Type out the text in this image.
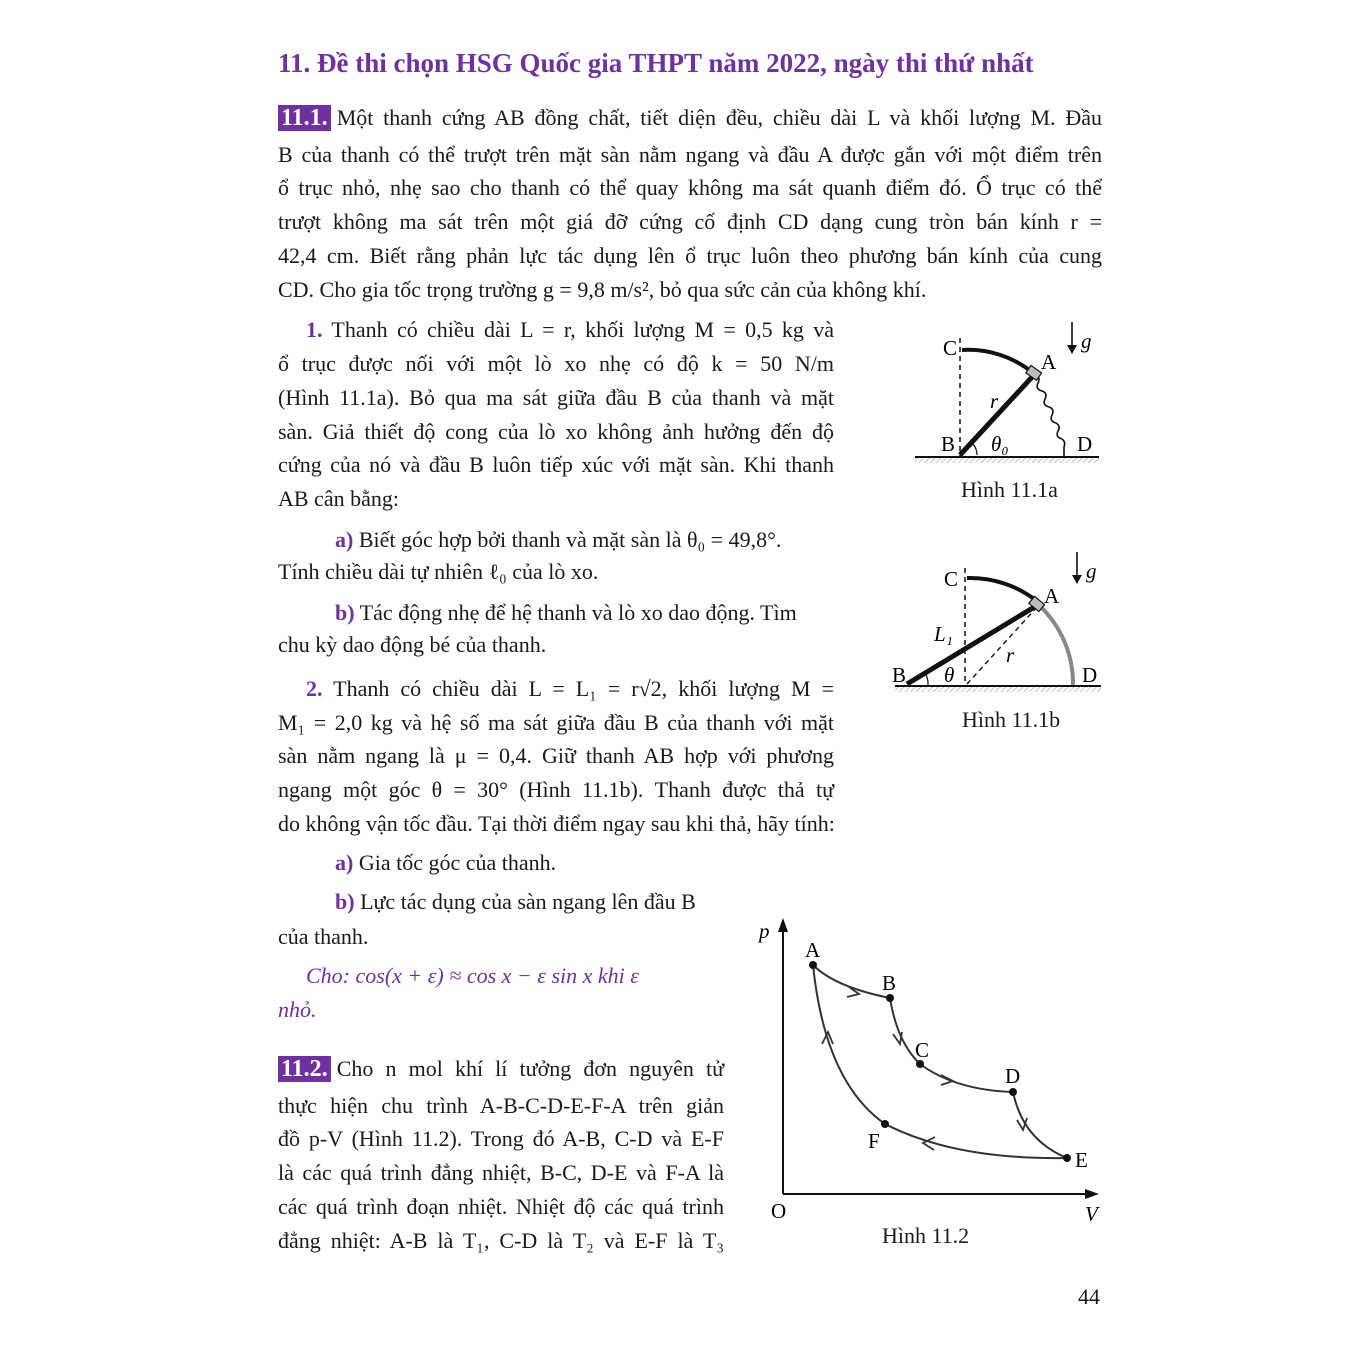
11. Đề thi chọn HSG Quốc gia THPT năm 2022, ngày thi thứ nhất
11.1. Một thanh cứng AB đồng chất, tiết diện đều, chiều dài L và khối lượng M. Đầu
B của thanh có thể trượt trên mặt sàn nằm ngang và đầu A được gắn với một điểm trên
ổ trục nhỏ, nhẹ sao cho thanh có thể quay không ma sát quanh điểm đó. Ổ trục có thể
trượt không ma sát trên một giá đỡ cứng cố định CD dạng cung tròn bán kính r =
42,4 cm. Biết rằng phản lực tác dụng lên ổ trục luôn theo phương bán kính của cung
CD. Cho gia tốc trọng trường g = 9,8 m/s², bỏ qua sức cản của không khí.
1. Thanh có chiều dài L = r, khối lượng M = 0,5 kg và
ổ trục được nối với một lò xo nhẹ có độ k = 50 N/m
(Hình 11.1a). Bỏ qua ma sát giữa đầu B của thanh và mặt
sàn. Giả thiết độ cong của lò xo không ảnh hưởng đến độ
cứng của nó và đầu B luôn tiếp xúc với mặt sàn. Khi thanh
AB cân bằng:
a) Biết góc hợp bởi thanh và mặt sàn là θ₀ = 49,8°.
Tính chiều dài tự nhiên ℓ₀ của lò xo.
b) Tác động nhẹ để hệ thanh và lò xo dao động. Tìm
chu kỳ dao động bé của thanh.
2. Thanh có chiều dài L = L₁ = r√2, khối lượng M =
M₁ = 2,0 kg và hệ số ma sát giữa đầu B của thanh với mặt
sàn nằm ngang là μ = 0,4. Giữ thanh AB hợp với phương
ngang một góc θ = 30° (Hình 11.1b). Thanh được thả tự
do không vận tốc đầu. Tại thời điểm ngay sau khi thả, hãy tính:
a) Gia tốc góc của thanh.
b) Lực tác dụng của sàn ngang lên đầu B
của thanh.
Cho: cos(x + ε) ≈ cos x − ε sin x khi ε
nhỏ.
11.2. Cho n mol khí lí tưởng đơn nguyên tử
thực hiện chu trình A-B-C-D-E-F-A trên giản
đồ p-V (Hình 11.2). Trong đó A-B, C-D và E-F
là các quá trình đẳng nhiệt, B-C, D-E và F-A là
các quá trình đoạn nhiệt. Nhiệt độ các quá trình
đẳng nhiệt: A-B là T₁, C-D là T₂ và E-F là T₃
C
A
B	D
r
θ₀
g⃗
Hình 11.1a
C
A
B	D
L₁
r
θ
g⃗
Hình 11.1b
A
B
C
D
E
F
p
V
O
Hình 11.2
44
